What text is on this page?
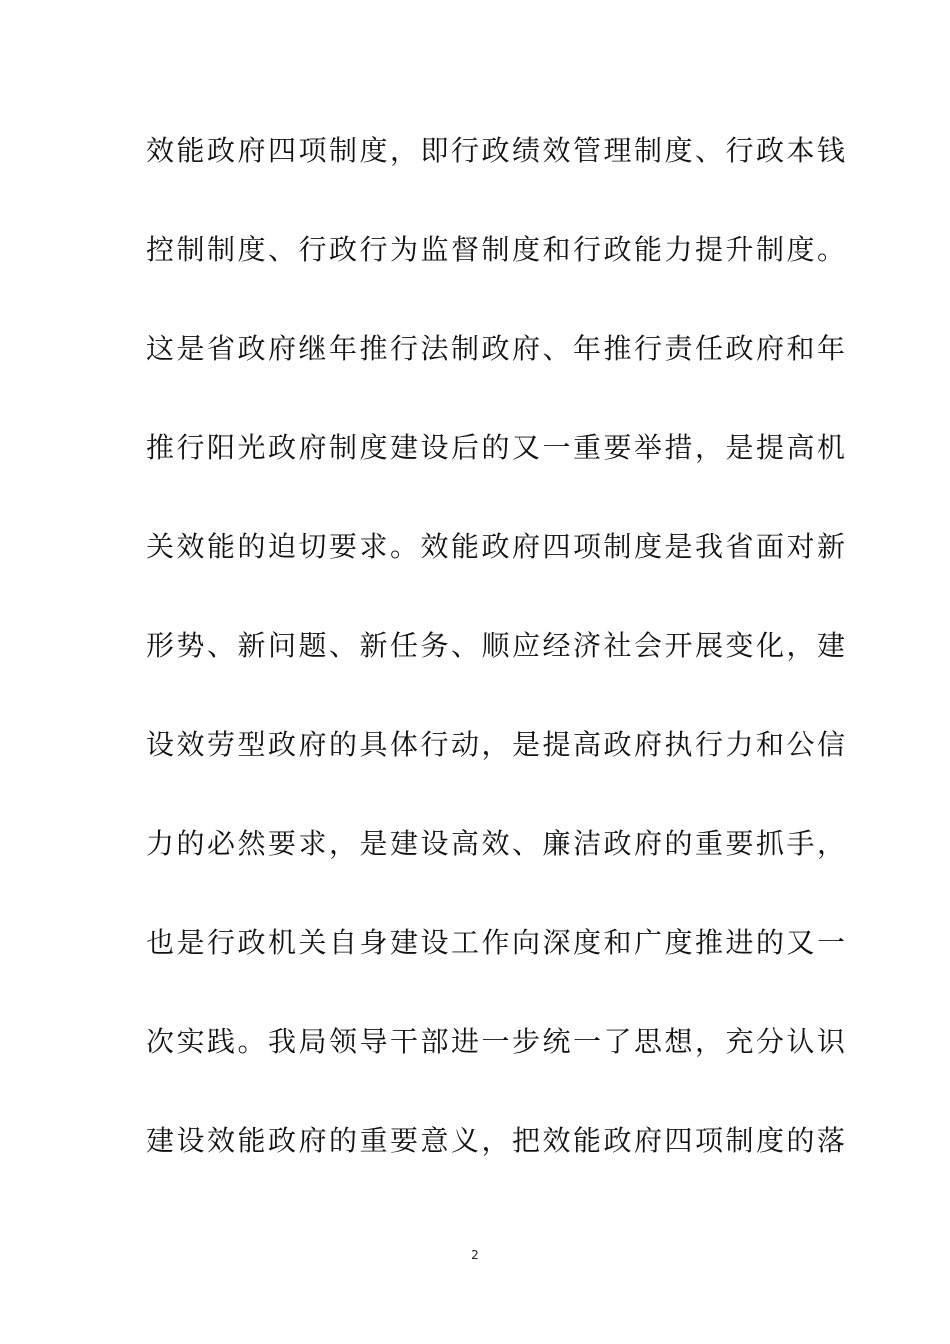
效能政府四项制度，即行政绩效管理制度、行政本钱
控制制度、行政行为监督制度和行政能力提升制度。
这是省政府继年推行法制政府、年推行责任政府和年
推行阳光政府制度建设后的又一重要举措，是提高机
关效能的迫切要求。效能政府四项制度是我省面对新
形势、新问题、新任务、顺应经济社会开展变化，建
设效劳型政府的具体行动，是提高政府执行力和公信
力的必然要求，是建设高效、廉洁政府的重要抓手，
也是行政机关自身建设工作向深度和广度推进的又一
次实践。我局领导干部进一步统一了思想，充分认识
建设效能政府的重要意义，把效能政府四项制度的落
2
